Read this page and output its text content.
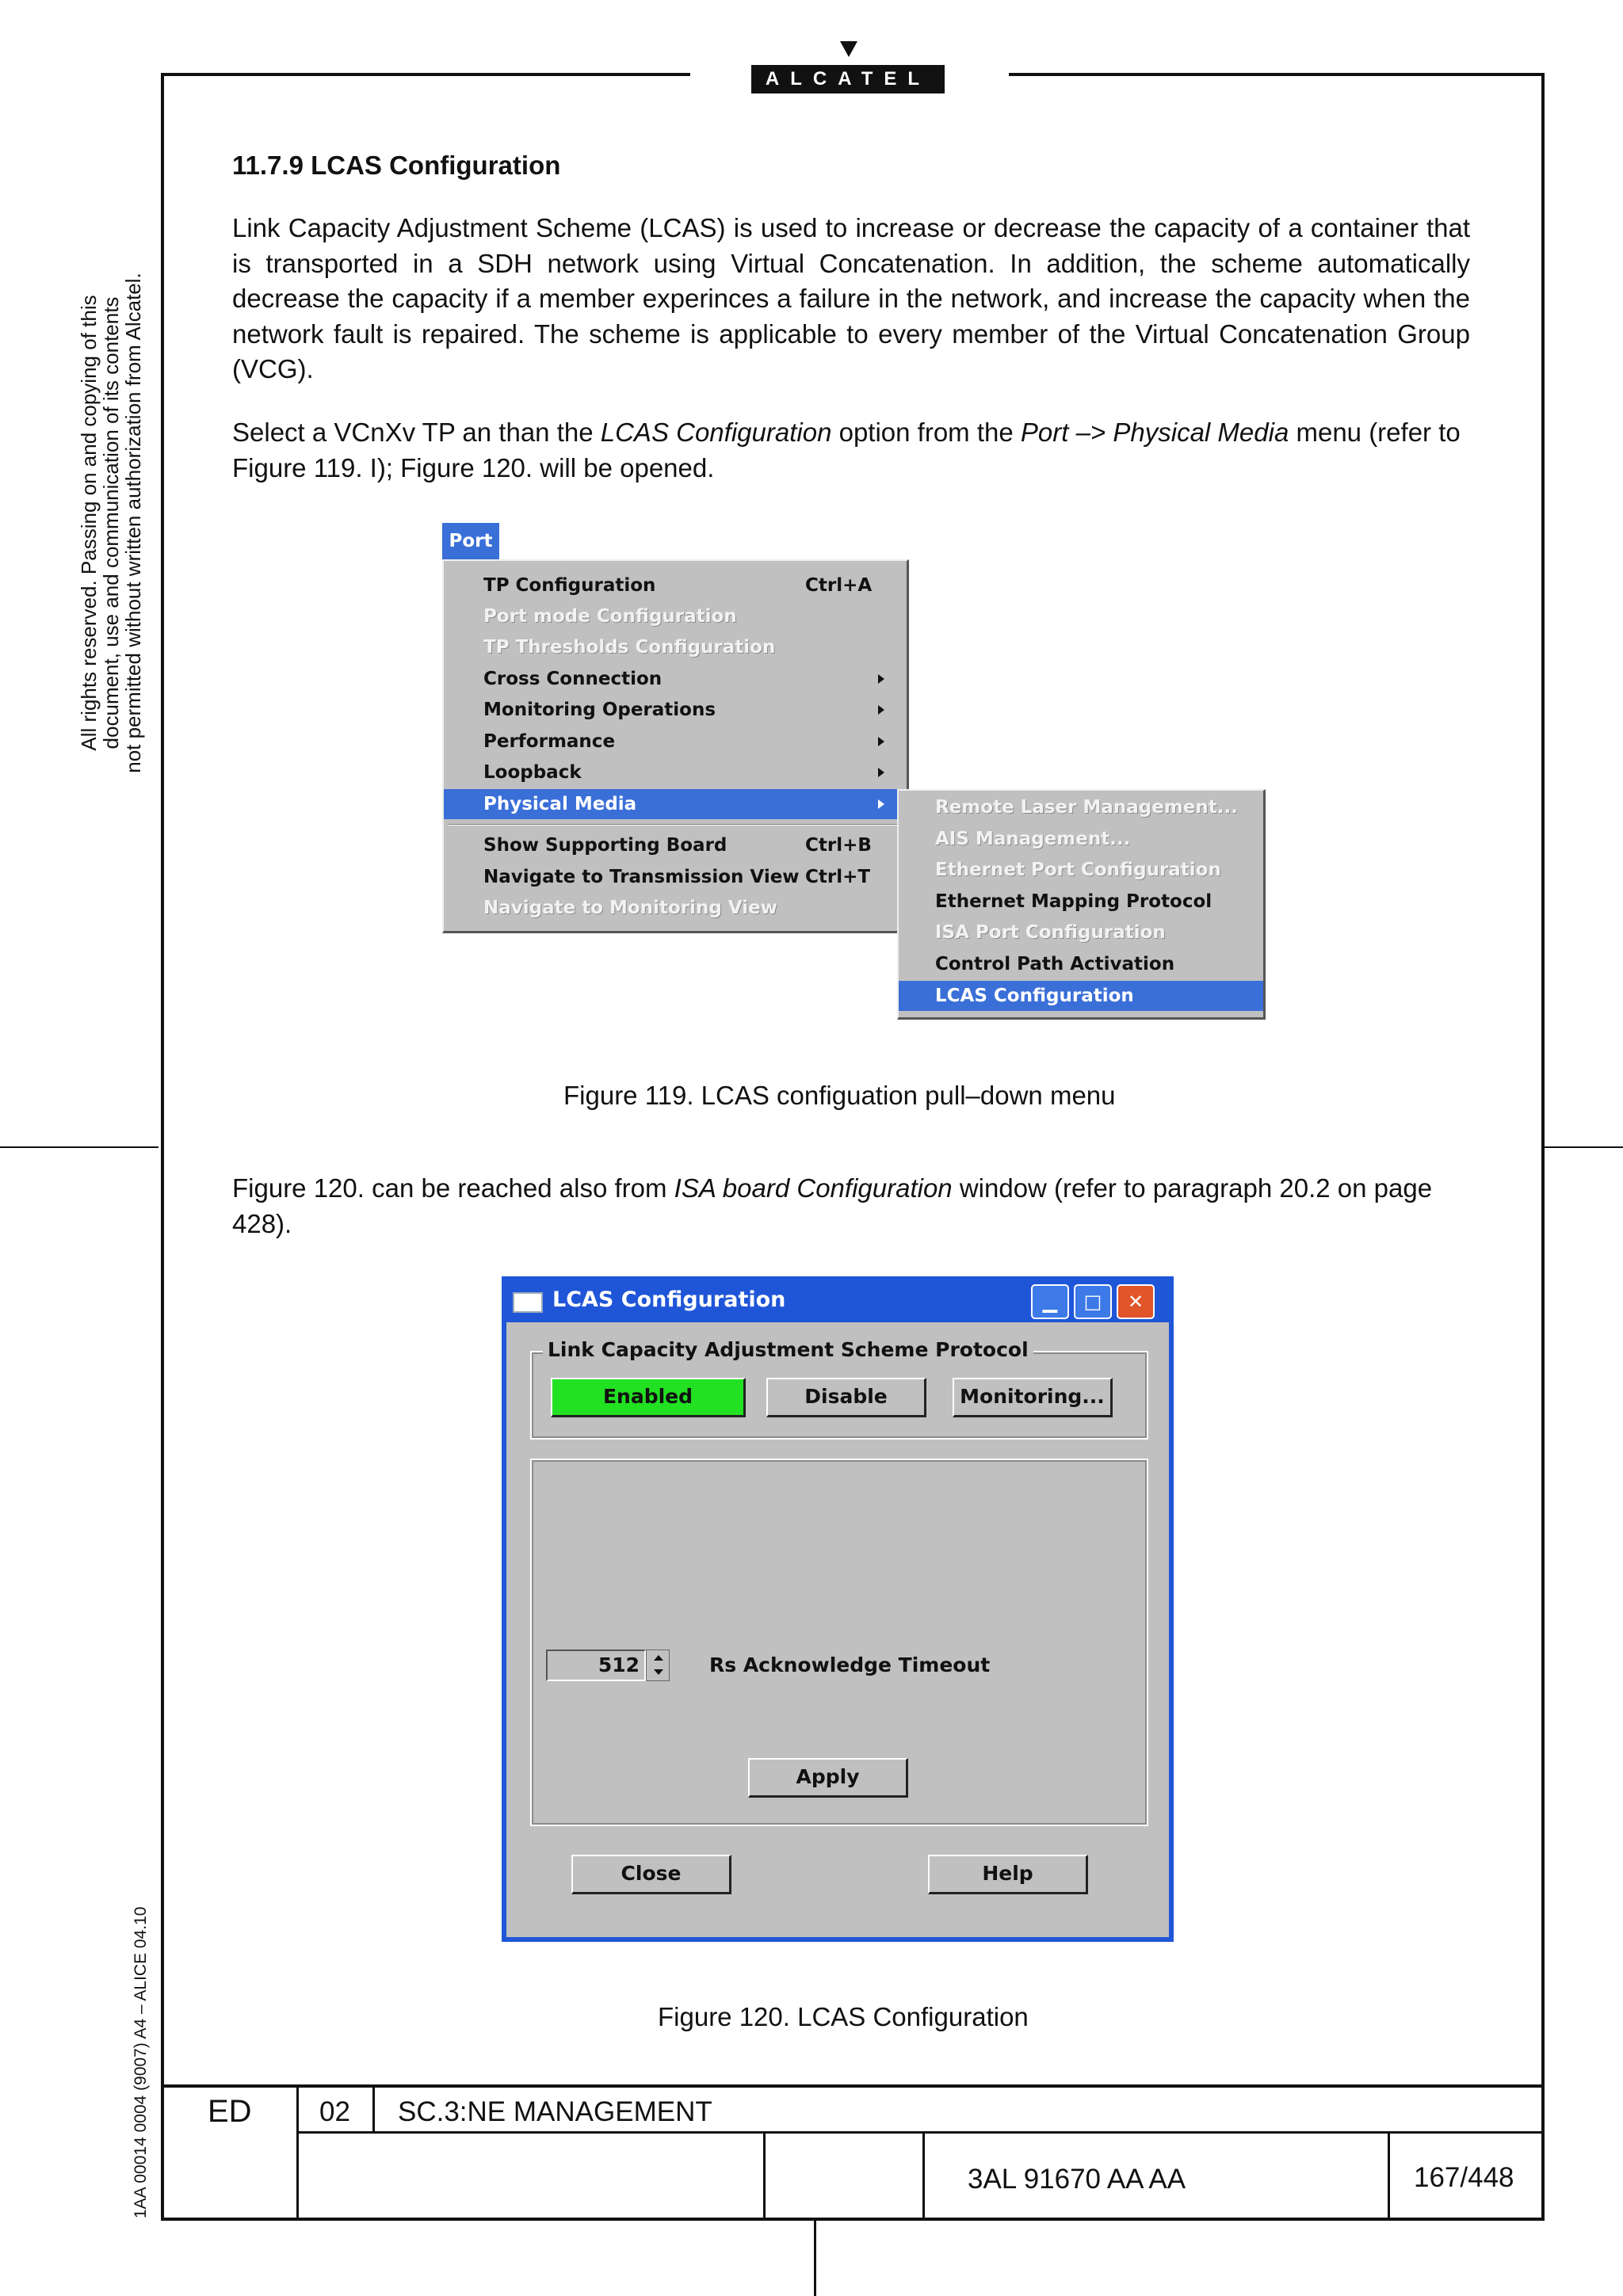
ALCATEL
All rights reserved. Passing on and copying of this
document, use and communication of its contents
not permitted without written authorization from Alcatel.
1AA 00014 0004 (9007) A4 – ALICE 04.10
11.7.9 LCAS Configuration
Link Capacity Adjustment Scheme (LCAS) is used to increase or decrease the capacity of a container that is transported in a SDH network using Virtual Concatenation. In addition, the scheme automatically decrease the capacity if a member experinces a failure in the network, and increase the capacity when the network fault is repaired. The scheme is applicable to every member of the Virtual Concatenation Group (VCG).
Select a VCnXv TP an than the LCAS Configuration option from the Port –> Physical Media menu (refer to Figure 119. I); Figure 120. will be opened.
Port
TP Configuration	Ctrl+A
Port mode Configuration
TP Thresholds Configuration
Cross Connection
Monitoring Operations
Performance
Loopback
Physical Media
Show Supporting Board	Ctrl+B
Navigate to Transmission View Ctrl+T
Navigate to Monitoring View
Remote Laser Management...
AIS Management...
Ethernet Port Configuration
Ethernet Mapping Protocol
ISA Port Configuration
Control Path Activation
LCAS Configuration
Figure 119. LCAS configuation pull–down menu
Figure 120. can be reached also from ISA board Configuration window (refer to paragraph 20.2 on page 428).
LCAS Configuration	▁	□	✕
Link Capacity Adjustment Scheme Protocol
Enabled	Disable	Monitoring...
512	Rs Acknowledge Timeout
Apply
Close	Help
Figure 120. LCAS Configuration
ED 02 SC.3:NE MANAGEMENT
3AL 91670 AA AA	167/448
